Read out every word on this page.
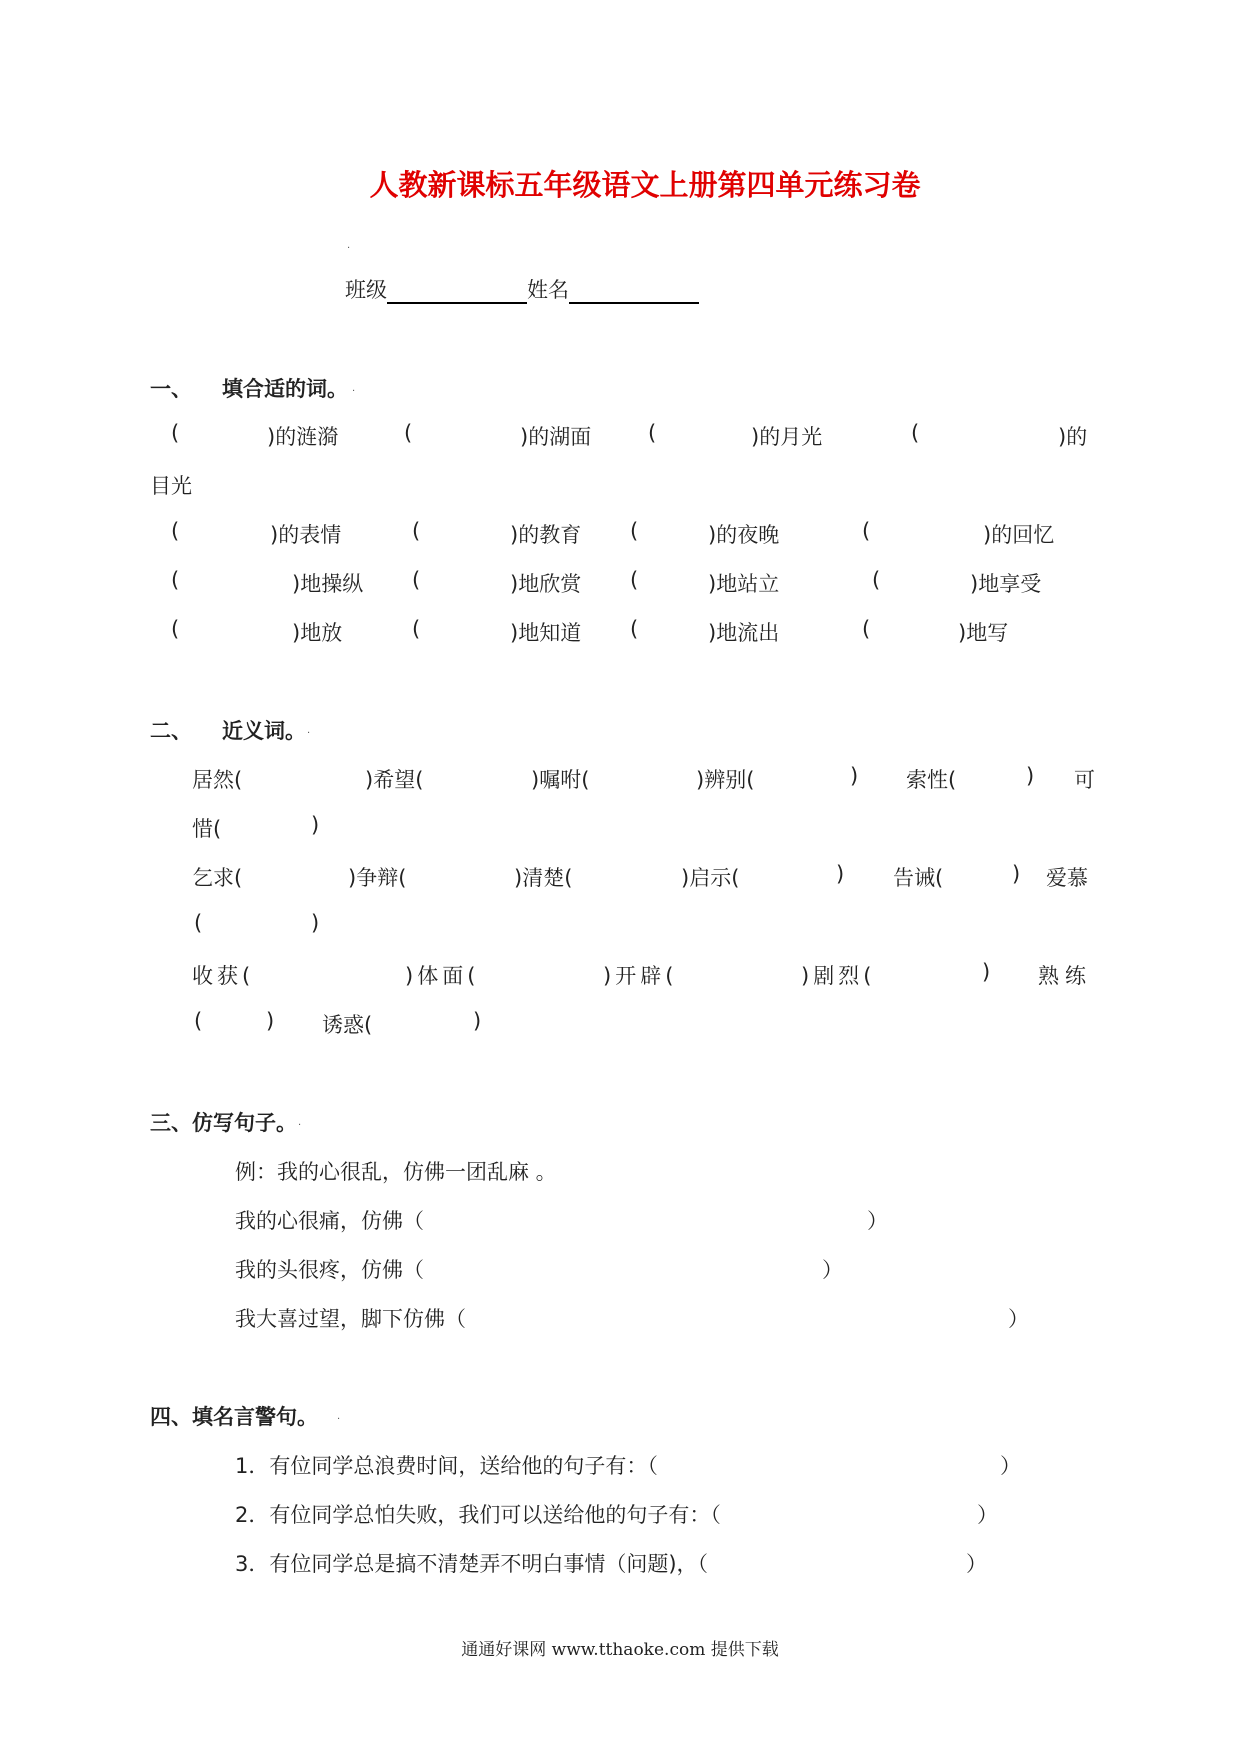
人教新课标五年级语文上册第四单元练习卷
.
班级	姓名
一、 填合适的词。 .
(	)的涟漪	(	)的湖面	(	)的月光	(	)的
目光
(	)的表情	(	)的教育 (	)的夜晚	(	)的回忆
(	)地操纵 (	)地欣赏 (	)地站立	(	)地享受
(	)地放	(	)地知道 (	)地流出	(	)地写
二、 近义词。 .
居然(	)希望(	)嘱咐(	)辨别(	) 索性(	) 可
惜(	)
乞求(	)争辩(	)清楚(	)启示(	) 告诫(	) 爱慕
(	)
收获(	)体面(	)开辟(	)剧烈(	) 熟练
(	) 诱惑(	)
三、仿写句子。 .
例：我的心很乱，仿佛一团乱麻 。
我的心很痛，仿佛（	）
我的头很疼，仿佛（	）
我大喜过望，脚下仿佛（	）
四、填名言警句。 .
1．有位同学总浪费时间，送给他的句子有：（	）
2．有位同学总怕失败，我们可以送给他的句子有：（	）
3．有位同学总是搞不清楚弄不明白事情（问题)，（	）
通通好课网 www.tthaoke.com 提供下载
